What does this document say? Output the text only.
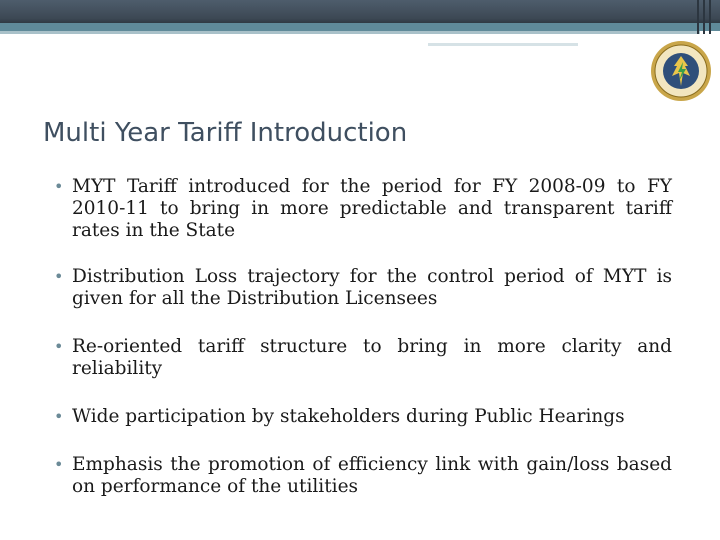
Multi Year Tariff Introduction
• MYT Tariff introduced for the period for FY 2008-09 to FY 2010-11 to bring in more predictable and transparent tariff rates in the State
• Distribution Loss trajectory for the control period of MYT is given for all the Distribution Licensees
• Re-oriented tariff structure to bring in more clarity and reliability
• Wide participation by stakeholders during Public Hearings
• Emphasis the promotion of efficiency link with gain/loss based on performance of the utilities
